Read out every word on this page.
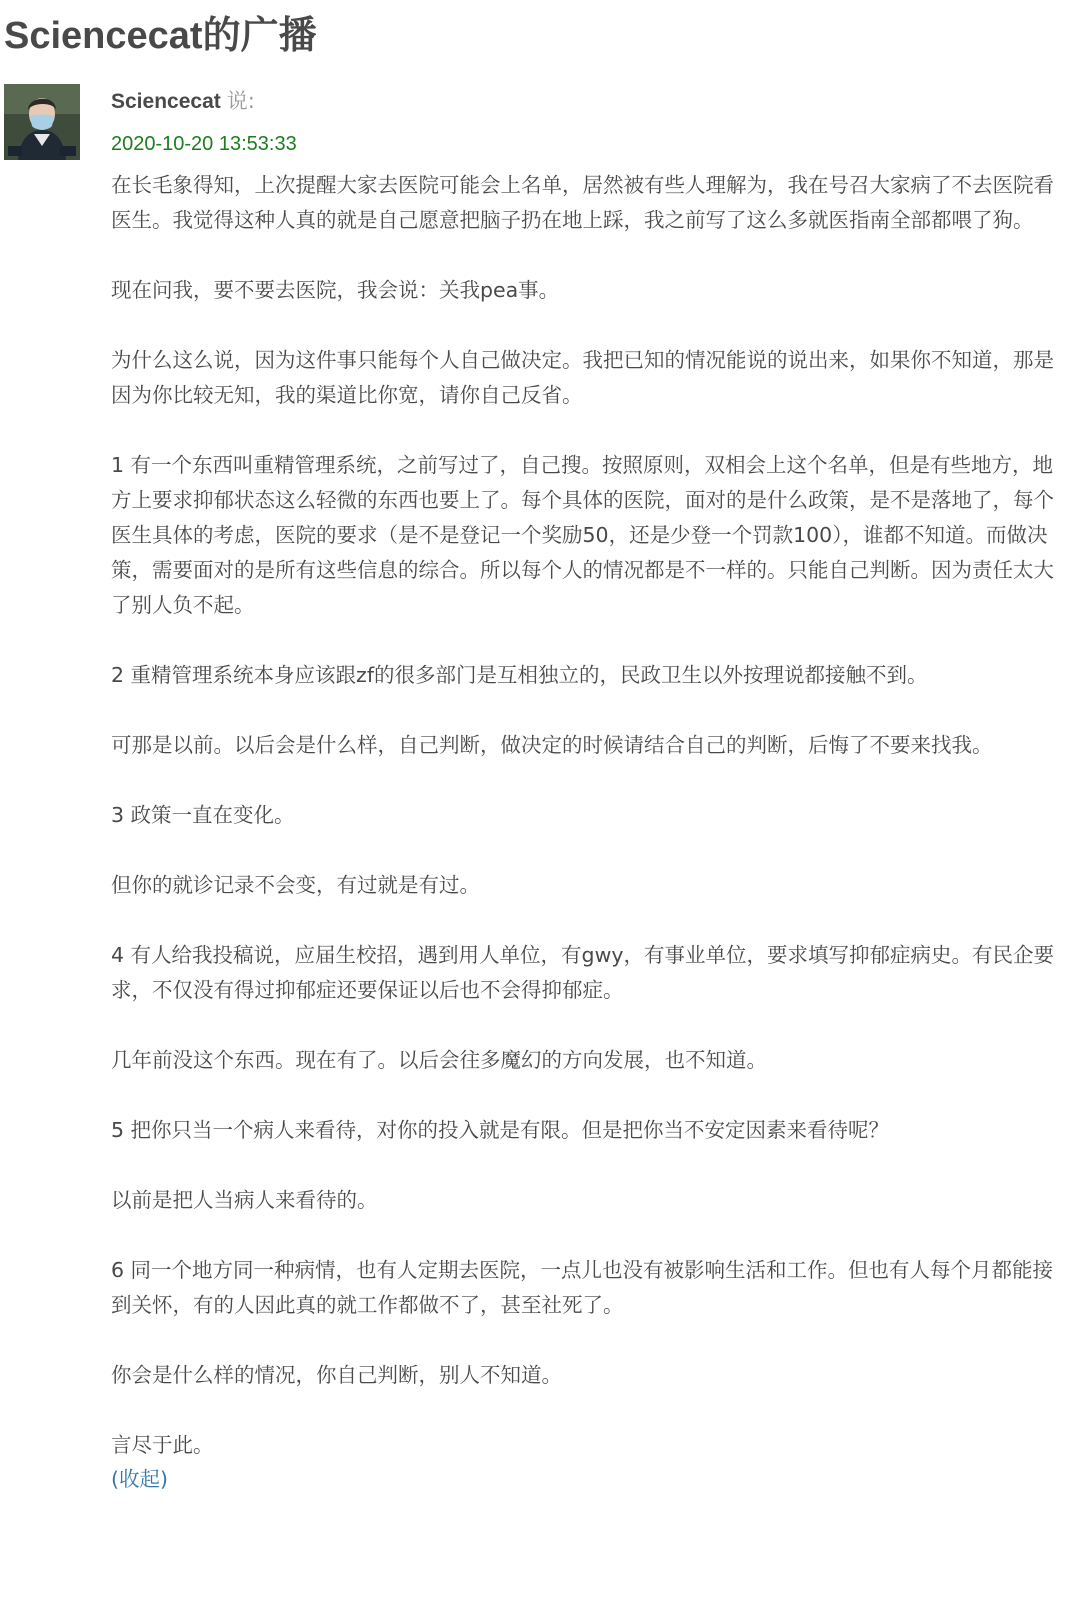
Sciencecat的广播
Sciencecat 说:
2020-10-20 13:53:33

在长毛象得知，上次提醒大家去医院可能会上名单，居然被有些人理解为，我在号召大家病了不去医院看医生。我觉得这种人真的就是自己愿意把脑子扔在地上踩，我之前写了这么多就医指南全部都喂了狗。

现在问我，要不要去医院，我会说：关我pea事。

为什么这么说，因为这件事只能每个人自己做决定。我把已知的情况能说的说出来，如果你不知道，那是因为你比较无知，我的渠道比你宽，请你自己反省。

1 有一个东西叫重精管理系统，之前写过了，自己搜。按照原则，双相会上这个名单，但是有些地方，地方上要求抑郁状态这么轻微的东西也要上了。每个具体的医院，面对的是什么政策，是不是落地了，每个医生具体的考虑，医院的要求（是不是登记一个奖励50，还是少登一个罚款100），谁都不知道。而做决策，需要面对的是所有这些信息的综合。所以每个人的情况都是不一样的。只能自己判断。因为责任太大了别人负不起。

2 重精管理系统本身应该跟zf的很多部门是互相独立的，民政卫生以外按理说都接触不到。

可那是以前。以后会是什么样，自己判断，做决定的时候请结合自己的判断，后悔了不要来找我。

3 政策一直在变化。

但你的就诊记录不会变，有过就是有过。

4 有人给我投稿说，应届生校招，遇到用人单位，有gwy，有事业单位，要求填写抑郁症病史。有民企要求，不仅没有得过抑郁症还要保证以后也不会得抑郁症。

几年前没这个东西。现在有了。以后会往多魔幻的方向发展，也不知道。

5 把你只当一个病人来看待，对你的投入就是有限。但是把你当不安定因素来看待呢？

以前是把人当病人来看待的。

6 同一个地方同一种病情，也有人定期去医院，一点儿也没有被影响生活和工作。但也有人每个月都能接到关怀，有的人因此真的就工作都做不了，甚至社死了。

你会是什么样的情况，你自己判断，别人不知道。

言尽于此。

(收起)
